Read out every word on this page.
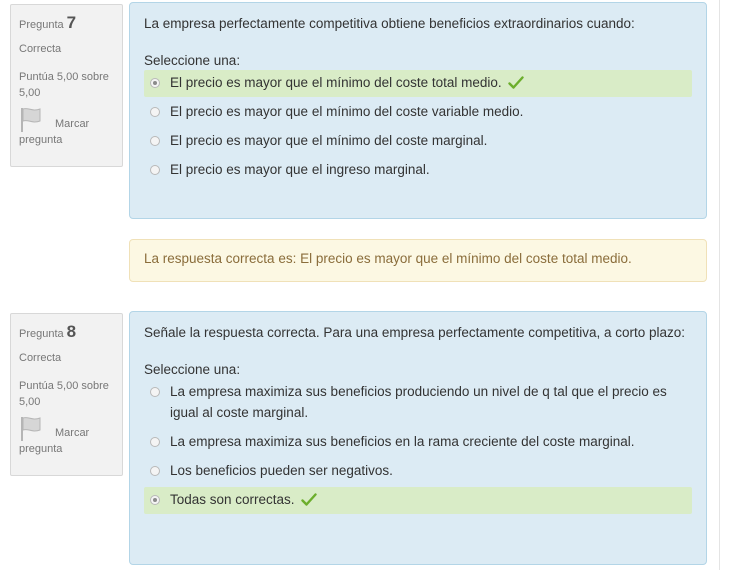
Pregunta 7
Correcta
Puntúa 5,00 sobre 5,00
Marcar
pregunta
La empresa perfectamente competitiva obtiene beneficios extraordinarios cuando:
Seleccione una:
El precio es mayor que el mínimo del coste total medio.
El precio es mayor que el mínimo del coste variable medio.
El precio es mayor que el mínimo del coste marginal.
El precio es mayor que el ingreso marginal.
La respuesta correcta es: El precio es mayor que el mínimo del coste total medio.
Pregunta 8
Correcta
Puntúa 5,00 sobre 5,00
Marcar
pregunta
Señale la respuesta correcta. Para una empresa perfectamente competitiva, a corto plazo:
Seleccione una:
La empresa maximiza sus beneficios produciendo un nivel de q tal que el precio es igual al coste marginal.
La empresa maximiza sus beneficios en la rama creciente del coste marginal.
Los beneficios pueden ser negativos.
Todas son correctas.
